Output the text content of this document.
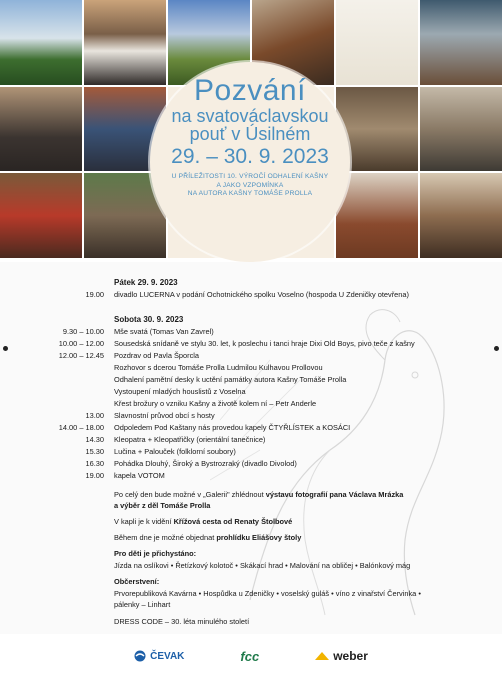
Pozvání
na svatováclavskou
pouť v Úsilném
29. – 30. 9. 2023
U PŘÍLEŽITOSTI 10. VÝROČÍ ODHALENÍ KAŠNY
A JAKO VZPOMÍNKA
NA AUTORA KAŠNY TOMÁŠE PROLLA
Pátek 29. 9. 2023
19.00 divadlo LUCERNA v podání Ochotnického spolku Voselno (hospoda U Zdeničky otevřena)
Sobota 30. 9. 2023
9.30 – 10.00 Mše svatá (Tomas Van Zavrel)
10.00 – 12.00 Sousedská snídaně ve stylu 30. let, k poslechu i tanci hraje Dixi Old Boys, pivo teče z kašny
12.00 – 12.45 Pozdrav od Pavla Šporcla
Rozhovor s dcerou Tomáše Prolla Ludmilou Kulhavou Prollovou
Odhalení pamětní desky k uctění památky autora Kašny Tomáše Prolla
Vystoupení mladých houslistů z Voselna
Křest brožury o vzniku Kašny a životě kolem ní – Petr Anderle
13.00 Slavnostní průvod obcí s hosty
14.00 – 18.00 Odpoledem Pod Kaštany nás provedou kapely ČTYŘLÍSTEK a KOSÁCI
14.30 Kleopatra + Kleopatřičky (orientální tanečnice)
15.30 Lučina + Palouček (folklorní soubory)
16.30 Pohádka Dlouhý, Široký a Bystrozraký (divadlo Divolod)
19.00 kapela VOTOM
Po celý den bude možné v „Galerii" zhlédnout výstavu fotografií pana Václava Mrázka
a výběr z děl Tomáše Prolla
V kapli je k vidění Křížová cesta od Renaty Štolbové
Během dne je možné objednat prohlídku Eliášovy štoly
Pro děti je přichystáno:
Jízda na oslíkovi • Řetízkový kolotoč • Skákací hrad • Malování na obličej • Balónkový mág
Občerstvení:
Prvorepubliková Kavárna • Hospůdka u Zdeničky • voselský guláš • víno z vinařství Červinka •
pálenky – Linhart
DRESS CODE – 30. léta minulého století
ČEVAK	fcc	weber
